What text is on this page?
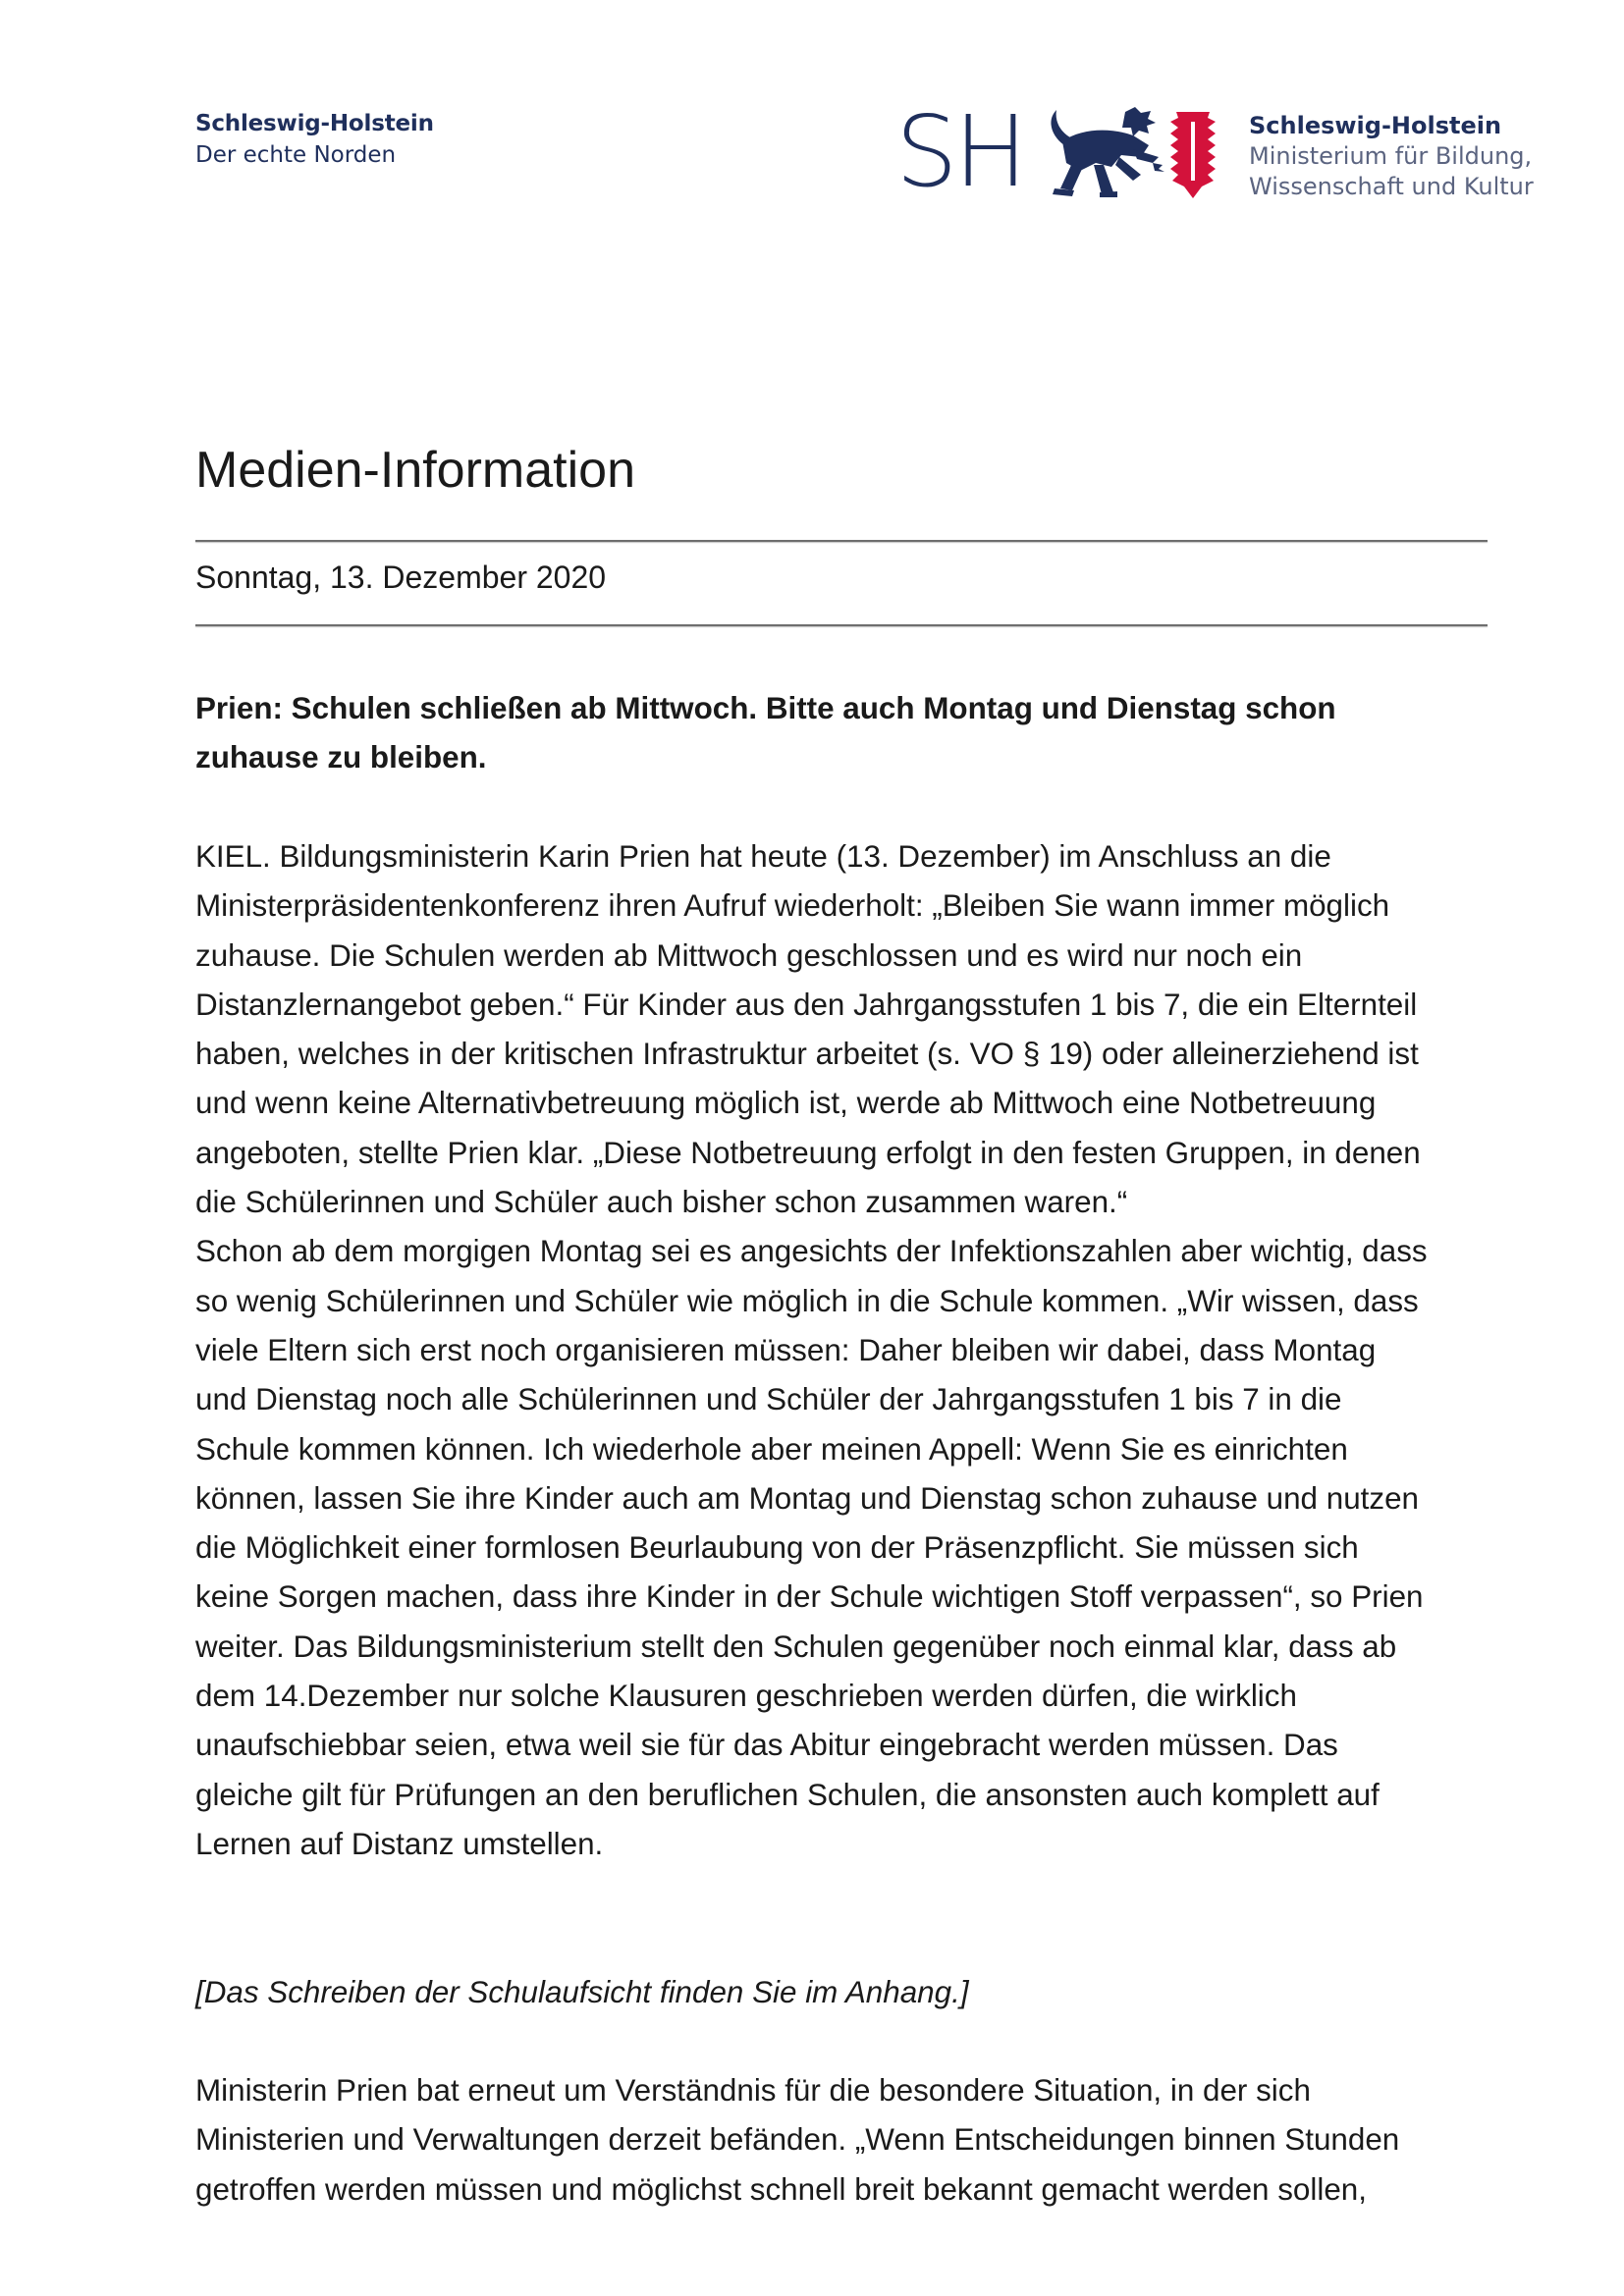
Schleswig-Holstein
Der echte Norden	SH	Schleswig-Holstein
Ministerium für Bildung,
Wissenschaft und Kultur
Medien-Information
Sonntag, 13. Dezember 2020
Prien: Schulen schließen ab Mittwoch. Bitte auch Montag und Dienstag schon
zuhause zu bleiben.
KIEL. Bildungsministerin Karin Prien hat heute (13. Dezember) im Anschluss an die
Ministerpräsidentenkonferenz ihren Aufruf wiederholt: „Bleiben Sie wann immer möglich
zuhause. Die Schulen werden ab Mittwoch geschlossen und es wird nur noch ein
Distanzlernangebot geben.“ Für Kinder aus den Jahrgangsstufen 1 bis 7, die ein Elternteil
haben, welches in der kritischen Infrastruktur arbeitet (s. VO § 19) oder alleinerziehend ist
und wenn keine Alternativbetreuung möglich ist, werde ab Mittwoch eine Notbetreuung
angeboten, stellte Prien klar. „Diese Notbetreuung erfolgt in den festen Gruppen, in denen
die Schülerinnen und Schüler auch bisher schon zusammen waren.“
Schon ab dem morgigen Montag sei es angesichts der Infektionszahlen aber wichtig, dass
so wenig Schülerinnen und Schüler wie möglich in die Schule kommen. „Wir wissen, dass
viele Eltern sich erst noch organisieren müssen: Daher bleiben wir dabei, dass Montag
und Dienstag noch alle Schülerinnen und Schüler der Jahrgangsstufen 1 bis 7 in die
Schule kommen können. Ich wiederhole aber meinen Appell: Wenn Sie es einrichten
können, lassen Sie ihre Kinder auch am Montag und Dienstag schon zuhause und nutzen
die Möglichkeit einer formlosen Beurlaubung von der Präsenzpflicht. Sie müssen sich
keine Sorgen machen, dass ihre Kinder in der Schule wichtigen Stoff verpassen“, so Prien
weiter. Das Bildungsministerium stellt den Schulen gegenüber noch einmal klar, dass ab
dem 14.Dezember nur solche Klausuren geschrieben werden dürfen, die wirklich
unaufschiebbar seien, etwa weil sie für das Abitur eingebracht werden müssen. Das
gleiche gilt für Prüfungen an den beruflichen Schulen, die ansonsten auch komplett auf
Lernen auf Distanz umstellen.
[Das Schreiben der Schulaufsicht finden Sie im Anhang.]
Ministerin Prien bat erneut um Verständnis für die besondere Situation, in der sich
Ministerien und Verwaltungen derzeit befänden. „Wenn Entscheidungen binnen Stunden
getroffen werden müssen und möglichst schnell breit bekannt gemacht werden sollen,
